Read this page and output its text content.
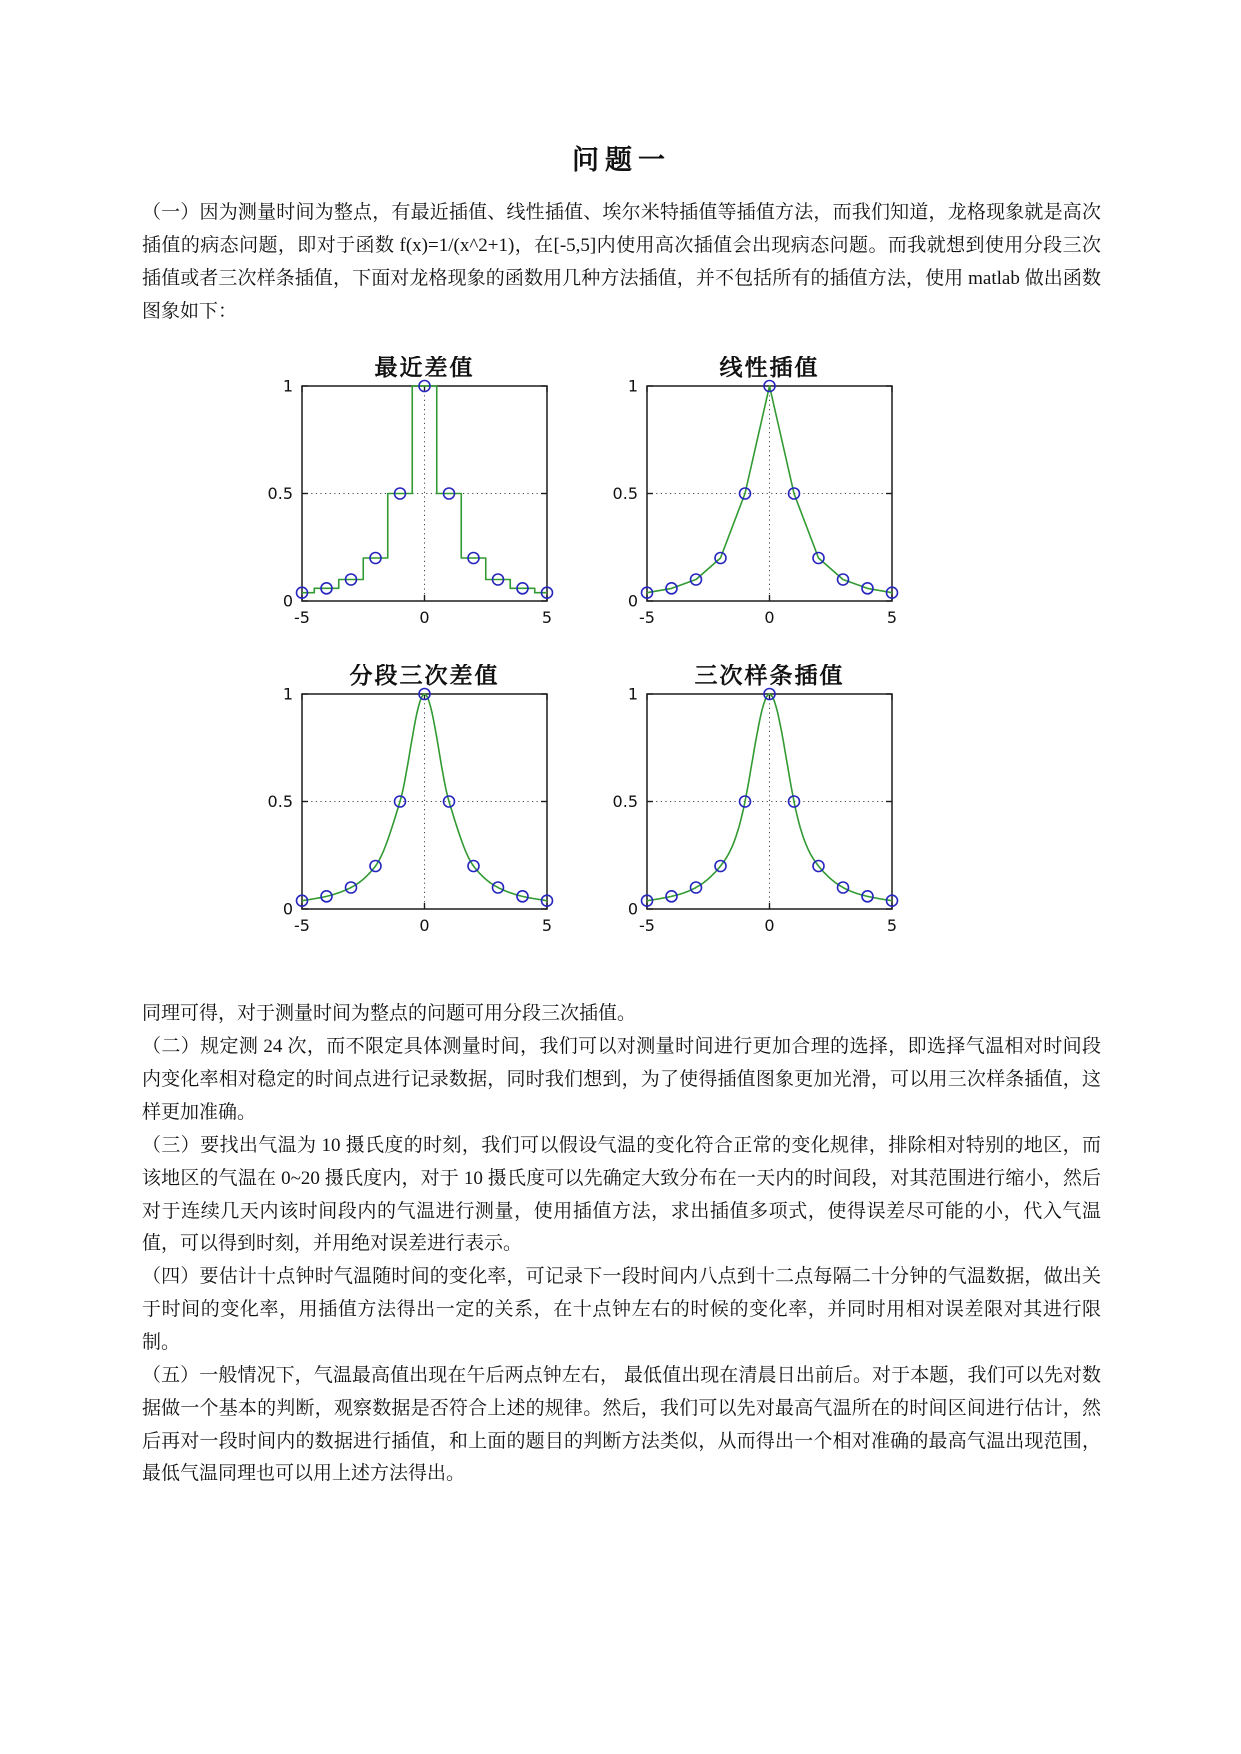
问题一

（一）因为测量时间为整点，有最近插值、线性插值、埃尔米特插值等插值方法，而我们知道，龙格现象就是高次插值的病态问题，即对于函数 f(x)=1/(x^2+1)，在[-5,5]内使用高次插值会出现病态问题。而我就想到使用分段三次插值或者三次样条插值，下面对龙格现象的函数用几种方法插值，并不包括所有的插值方法，使用 matlab 做出函数图象如下：

最近差值
-5	0	5
0
0.5
1
线性插值
-5	0	5
0
0.5
1
分段三次差值
-5	0	5
0
0.5
1
三次样条插值
-5	0	5
0
0.5
1

同理可得，对于测量时间为整点的问题可用分段三次插值。

（二）规定测 24 次，而不限定具体测量时间，我们可以对测量时间进行更加合理的选择，即选择气温相对时间段内变化率相对稳定的时间点进行记录数据，同时我们想到，为了使得插值图象更加光滑，可以用三次样条插值，这样更加准确。

（三）要找出气温为 10 摄氏度的时刻，我们可以假设气温的变化符合正常的变化规律，排除相对特别的地区，而该地区的气温在 0~20 摄氏度内，对于 10 摄氏度可以先确定大致分布在一天内的时间段，对其范围进行缩小，然后对于连续几天内该时间段内的气温进行测量，使用插值方法，求出插值多项式，使得误差尽可能的小，代入气温值，可以得到时刻，并用绝对误差进行表示。

（四）要估计十点钟时气温随时间的变化率，可记录下一段时间内八点到十二点每隔二十分钟的气温数据，做出关于时间的变化率，用插值方法得出一定的关系，在十点钟左右的时候的变化率，并同时用相对误差限对其进行限制。

（五）一般情况下，气温最高值出现在午后两点钟左右， 最低值出现在清晨日出前后。对于本题，我们可以先对数据做一个基本的判断，观察数据是否符合上述的规律。然后，我们可以先对最高气温所在的时间区间进行估计，然后再对一段时间内的数据进行插值，和上面的题目的判断方法类似，从而得出一个相对准确的最高气温出现范围，最低气温同理也可以用上述方法得出。
